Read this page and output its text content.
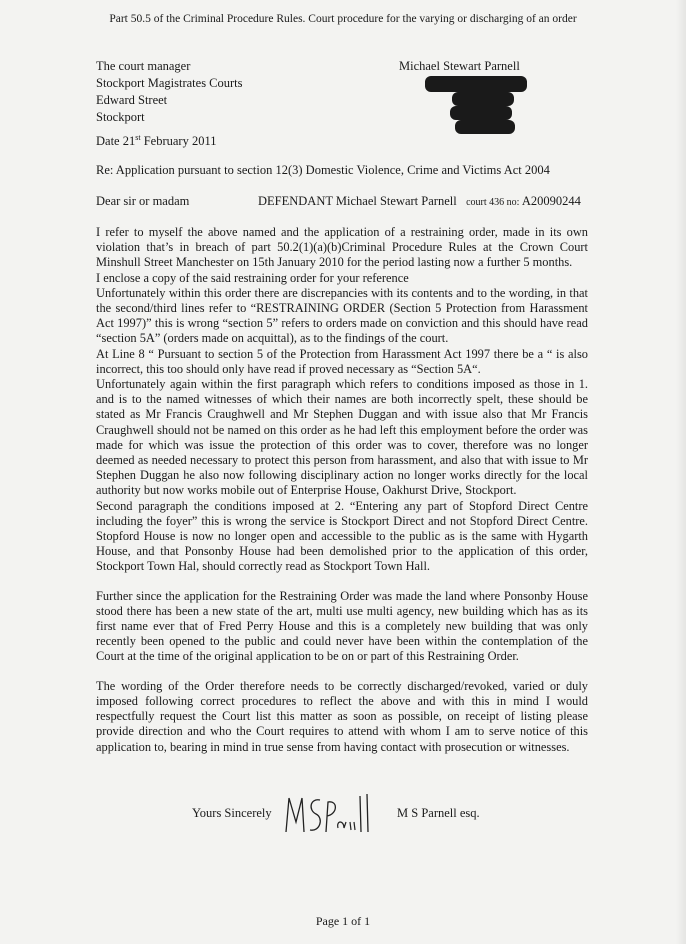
Part 50.5 of the Criminal Procedure Rules. Court procedure for the varying or discharging of an order
The court manager
Stockport Magistrates Courts
Edward Street
Stockport
Michael Stewart Parnell
Date 21st February 2011
Re: Application pursuant to section 12(3) Domestic Violence, Crime and Victims Act 2004
Dear sir or madam	DEFENDANT Michael Stewart Parnell court 436 no: A20090244

I refer to myself the above named and the application of a restraining order, made in its own violation that’s in breach of part 50.2(1)(a)(b)Criminal Procedure Rules at the Crown Court Minshull Street Manchester on 15th January 2010 for the period lasting now a further 5 months.

I enclose a copy of the said restraining order for your reference

Unfortunately within this order there are discrepancies with its contents and to the wording, in that the second/third lines refer to “RESTRAINING ORDER (Section 5 Protection from Harassment Act 1997)” this is wrong “section 5” refers to orders made on conviction and this should have read “section 5A” (orders made on acquittal), as to the findings of the court.

At Line 8 “ Pursuant to section 5 of the Protection from Harassment Act 1997 there be a “ is also incorrect, this too should only have read if proved necessary as “Section 5A“.

Unfortunately again within the first paragraph which refers to conditions imposed as those in 1. and is to the named witnesses of which their names are both incorrectly spelt, these should be stated as Mr Francis Craughwell and Mr Stephen Duggan and with issue also that Mr Francis Craughwell should not be named on this order as he had left this employment before the order was made for which was issue the protection of this order was to cover, therefore was no longer deemed as needed necessary to protect this person from harassment, and also that with issue to Mr Stephen Duggan he also now following disciplinary action no longer works directly for the local authority but now works mobile out of Enterprise House, Oakhurst Drive, Stockport.

Second paragraph the conditions imposed at 2. “Entering any part of Stopford Direct Centre including the foyer” this is wrong the service is Stockport Direct and not Stopford Direct Centre. Stopford House is now no longer open and accessible to the public as is the same with Hygarth House, and that Ponsonby House had been demolished prior to the application of this order, Stockport Town Hal, should correctly read as Stockport Town Hall.

Further since the application for the Restraining Order was made the land where Ponsonby House stood there has been a new state of the art, multi use multi agency, new building which has as its first name ever that of Fred Perry House and this is a completely new building that was only recently been opened to the public and could never have been within the contemplation of the Court at the time of the original application to be on or part of this Restraining Order.

The wording of the Order therefore needs to be correctly discharged/revoked, varied or duly imposed following correct procedures to reflect the above and with this in mind I would respectfully request the Court list this matter as soon as possible, on receipt of listing please provide direction and who the Court requires to attend with whom I am to serve notice of this application to, bearing in mind in true sense from having contact with prosecution or witnesses.

Yours Sincerely	M S Parnell esq.
Page 1 of 1
